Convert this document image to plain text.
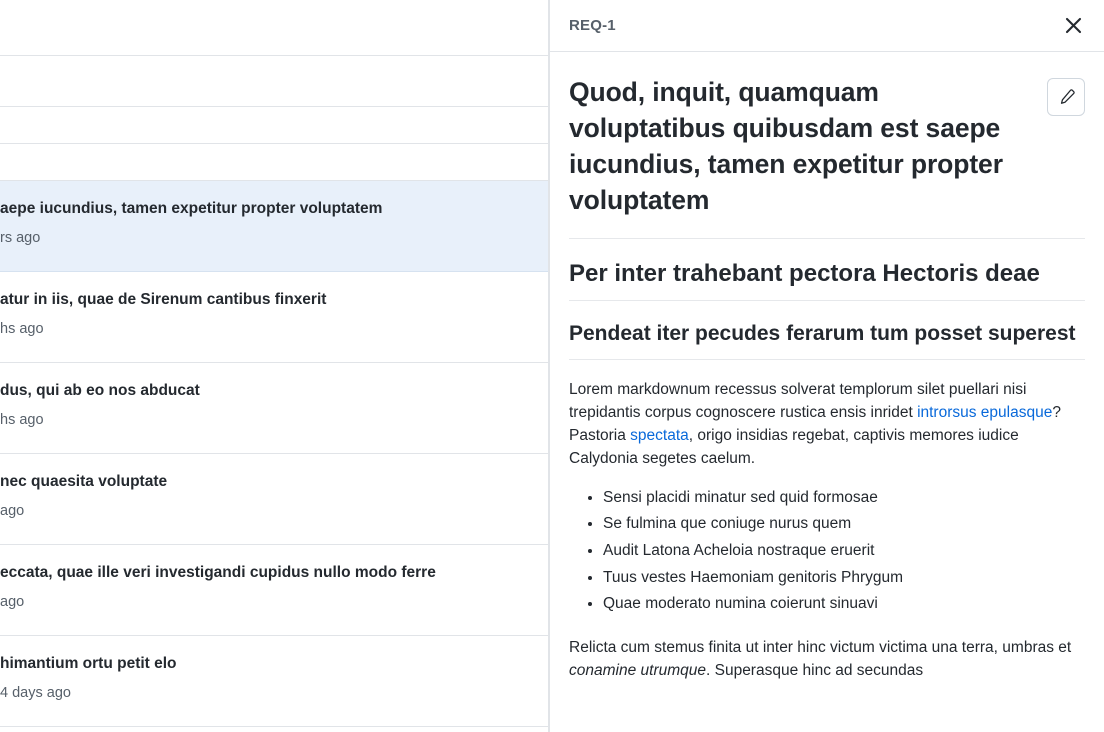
aepe iucundius, tamen expetitur propter voluptatem
rs ago
atur in iis, quae de Sirenum cantibus finxerit
hs ago
dus, qui ab eo nos abducat
hs ago
nec quaesita voluptate
ago
eccata, quae ille veri investigandi cupidus nullo modo ferre
ago
himantium ortu petit elo
4 days ago
REQ-1
Quod, inquit, quamquam voluptatibus quibusdam est saepe iucundius, tamen expetitur propter voluptatem
Per inter trahebant pectora Hectoris deae
Pendeat iter pecudes ferarum tum posset superest

Lorem markdownum recessus solverat templorum silet puellari nisi trepidantis corpus cognoscere rustica ensis inridet introrsus epulasque? Pastoria spectata, origo insidias regebat, captivis memores iudice Calydonia segetes caelum.

• Sensi placidi minatur sed quid formosae
• Se fulmina que coniuge nurus quem
• Audit Latona Acheloia nostraque eruerit
• Tuus vestes Haemoniam genitoris Phrygum
• Quae moderato numina coierunt sinuavi

Relicta cum stemus finita ut inter hinc victum victima una terra, umbras et conamine utrumque. Superasque hinc ad secundas
